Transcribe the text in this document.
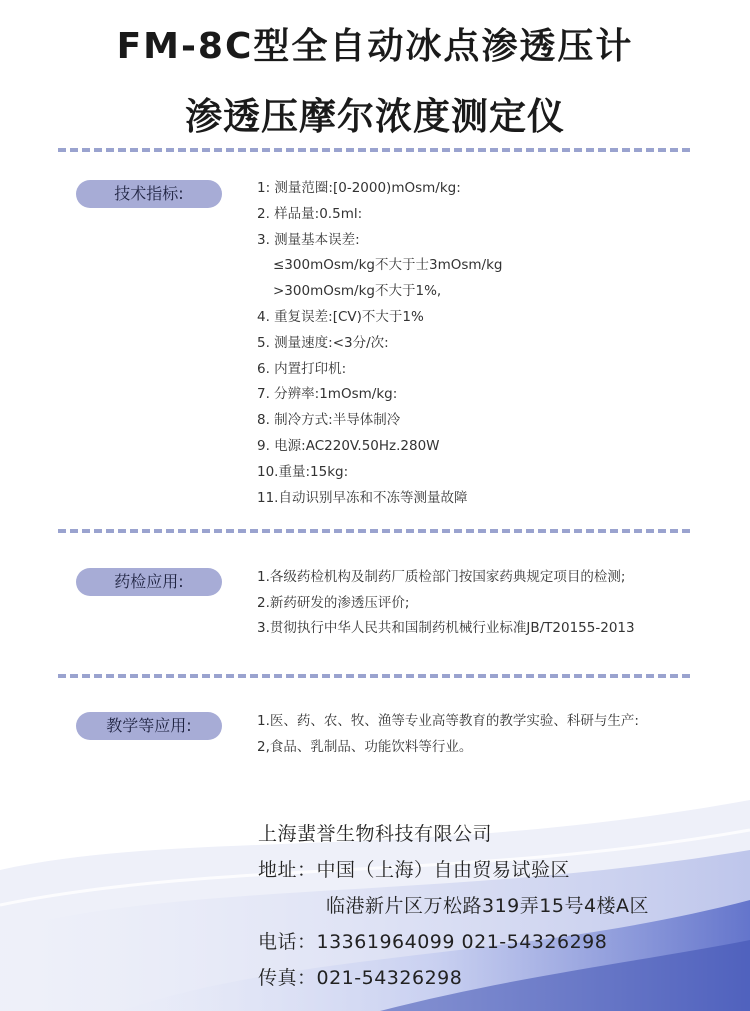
FM-8C型全自动冰点渗透压计
渗透压摩尔浓度测定仪
技术指标:	1: 测量范圈:[0-2000)mOsm/kg:
2. 样品量:0.5ml:
3. 测量基本误差:
≤300mOsm/kg不大于士3mOsm/kg
>300mOsm/kg不大于1%,
4. 重复误差:[CV)不大于1%
5. 测量速度:<3分/次:
6. 内置打印机:
7. 分辨率:1mOsm/kg:
8. 制冷方式:半导体制冷
9. 电源:AC220V.50Hz.280W
10.重量:15kg:
11.自动识别早冻和不冻等测量故障
药检应用:	1.各级药检机构及制药厂质检部门按国家药典规定项目的检测;
2.新药研发的渗透压评价;
3.贯彻执行中华人民共和国制药机械行业标准JB/T20155-2013
教学等应用:	1.医、药、农、牧、渔等专业高等教育的教学实验、科研与生产:
2,食品、乳制品、功能饮料等行业。
上海蜚誉生物科技有限公司
地址：中国（上海）自由贸易试验区
临港新片区万松路319弄15号4楼A区
电话：13361964099 021-54326298
传真：021-54326298
